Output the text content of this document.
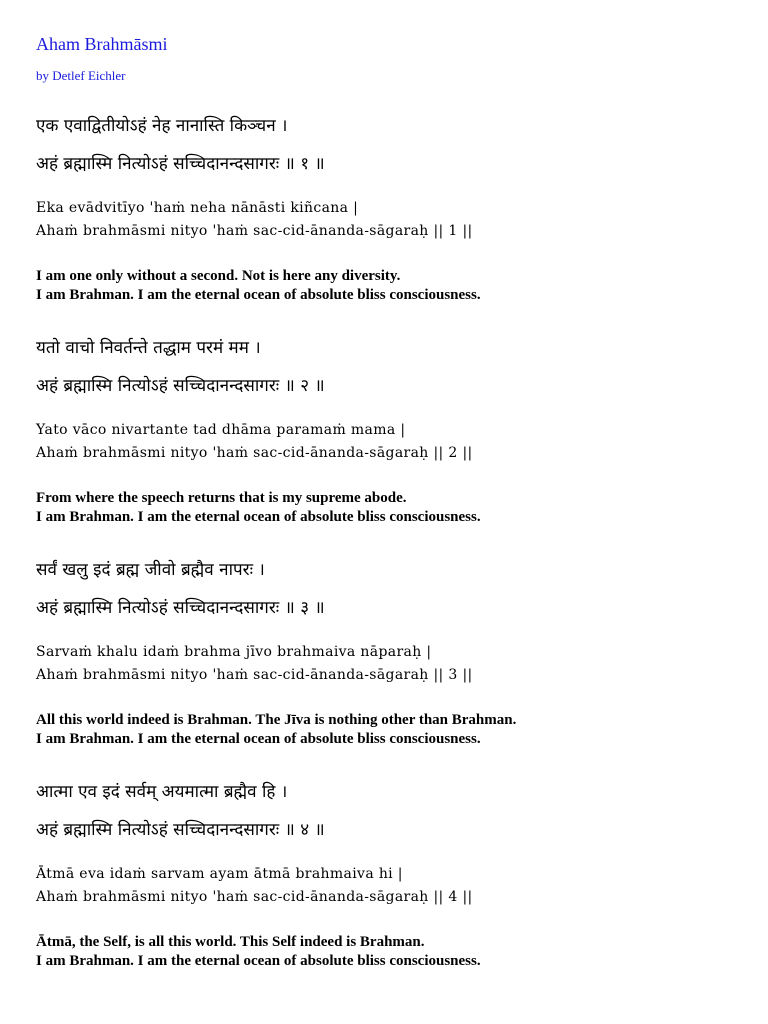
Aham Brahmāsmi
by Detlef Eichler
एक एवाद्वितीयोऽहं नेह नानास्ति किञ्चन ।
अहं ब्रह्मास्मि नित्योऽहं सच्चिदानन्दसागरः ॥ १ ॥
Eka evādvitīyo 'haṁ neha nānāsti kiñcana |
Ahaṁ brahmāsmi nityo 'haṁ sac-cid-ānanda-sāgaraḥ || 1 ||
I am one only without a second. Not is here any diversity.
I am Brahman. I am the eternal ocean of absolute bliss consciousness.
यतो वाचो निवर्तन्ते तद्धाम परमं मम ।
अहं ब्रह्मास्मि नित्योऽहं सच्चिदानन्दसागरः ॥ २ ॥
Yato vāco nivartante tad dhāma paramaṁ mama |
Ahaṁ brahmāsmi nityo 'haṁ sac-cid-ānanda-sāgaraḥ || 2 ||
From where the speech returns that is my supreme abode.
I am Brahman. I am the eternal ocean of absolute bliss consciousness.
सर्वं खलु इदं ब्रह्म जीवो ब्रह्मैव नापरः ।
अहं ब्रह्मास्मि नित्योऽहं सच्चिदानन्दसागरः ॥ ३ ॥
Sarvaṁ khalu idaṁ brahma jīvo brahmaiva nāparaḥ |
Ahaṁ brahmāsmi nityo 'haṁ sac-cid-ānanda-sāgaraḥ || 3 ||
All this world indeed is Brahman. The Jīva is nothing other than Brahman.
I am Brahman. I am the eternal ocean of absolute bliss consciousness.
आत्मा एव इदं सर्वम् अयमात्मा ब्रह्मैव हि ।
अहं ब्रह्मास्मि नित्योऽहं सच्चिदानन्दसागरः ॥ ४ ॥
Ātmā eva idaṁ sarvam ayam ātmā brahmaiva hi |
Ahaṁ brahmāsmi nityo 'haṁ sac-cid-ānanda-sāgaraḥ || 4 ||
Ātmā, the Self, is all this world. This Self indeed is Brahman.
I am Brahman. I am the eternal ocean of absolute bliss consciousness.
